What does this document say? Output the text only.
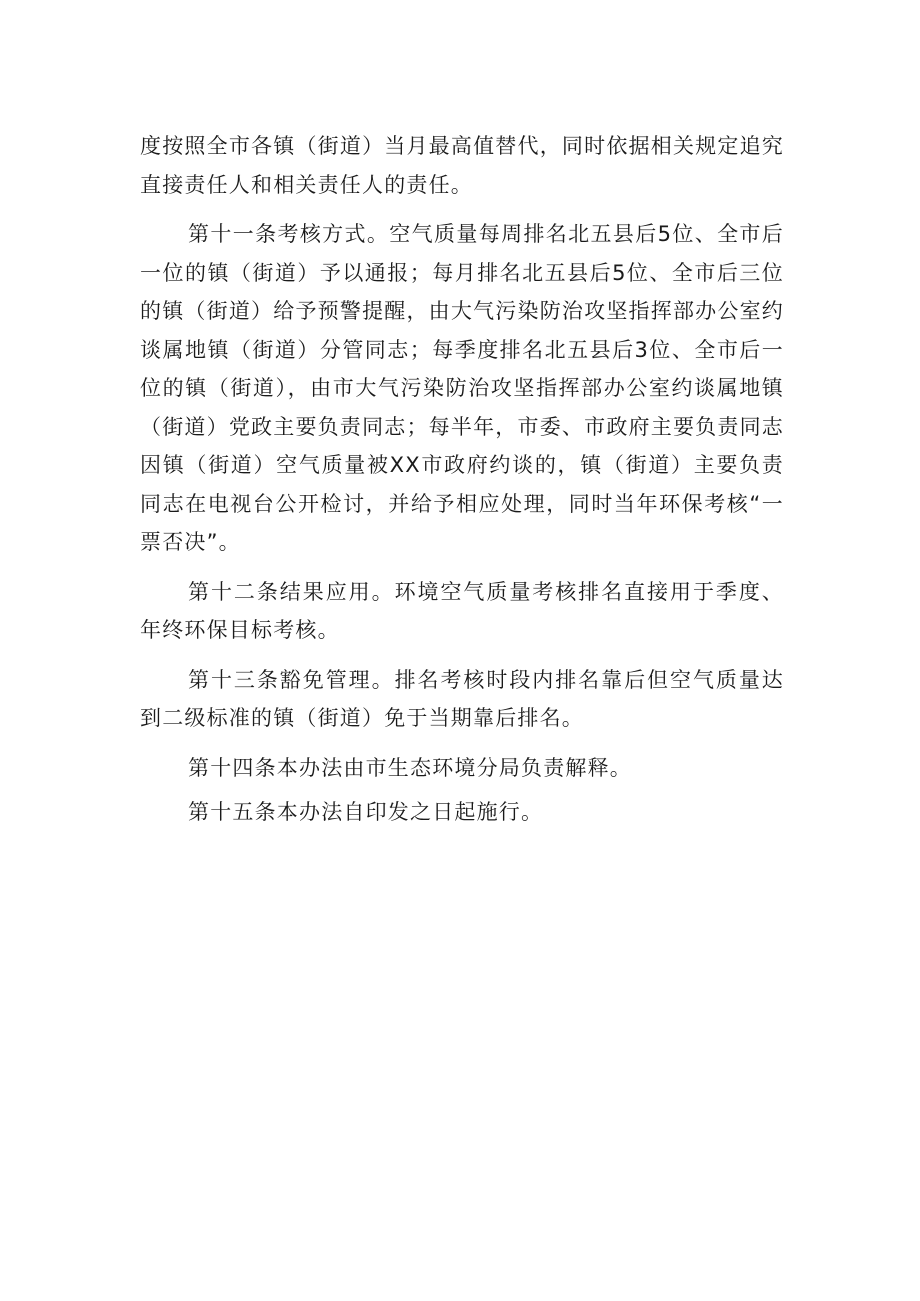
度按照全市各镇（街道）当月最高值替代，同时依据相关规定追究直接责任人和相关责任人的责任。

第十一条考核方式。空气质量每周排名北五县后5位、全市后一位的镇（街道）予以通报；每月排名北五县后5位、全市后三位的镇（街道）给予预警提醒，由大气污染防治攻坚指挥部办公室约谈属地镇（街道）分管同志；每季度排名北五县后3位、全市后一位的镇（街道），由市大气污染防治攻坚指挥部办公室约谈属地镇（街道）党政主要负责同志；每半年，市委、市政府主要负责同志因镇（街道）空气质量被XX市政府约谈的，镇（街道）主要负责同志在电视台公开检讨，并给予相应处理，同时当年环保考核“一票否决”。

第十二条结果应用。环境空气质量考核排名直接用于季度、年终环保目标考核。

第十三条豁免管理。排名考核时段内排名靠后但空气质量达到二级标准的镇（街道）免于当期靠后排名。

第十四条本办法由市生态环境分局负责解释。

第十五条本办法自印发之日起施行。
